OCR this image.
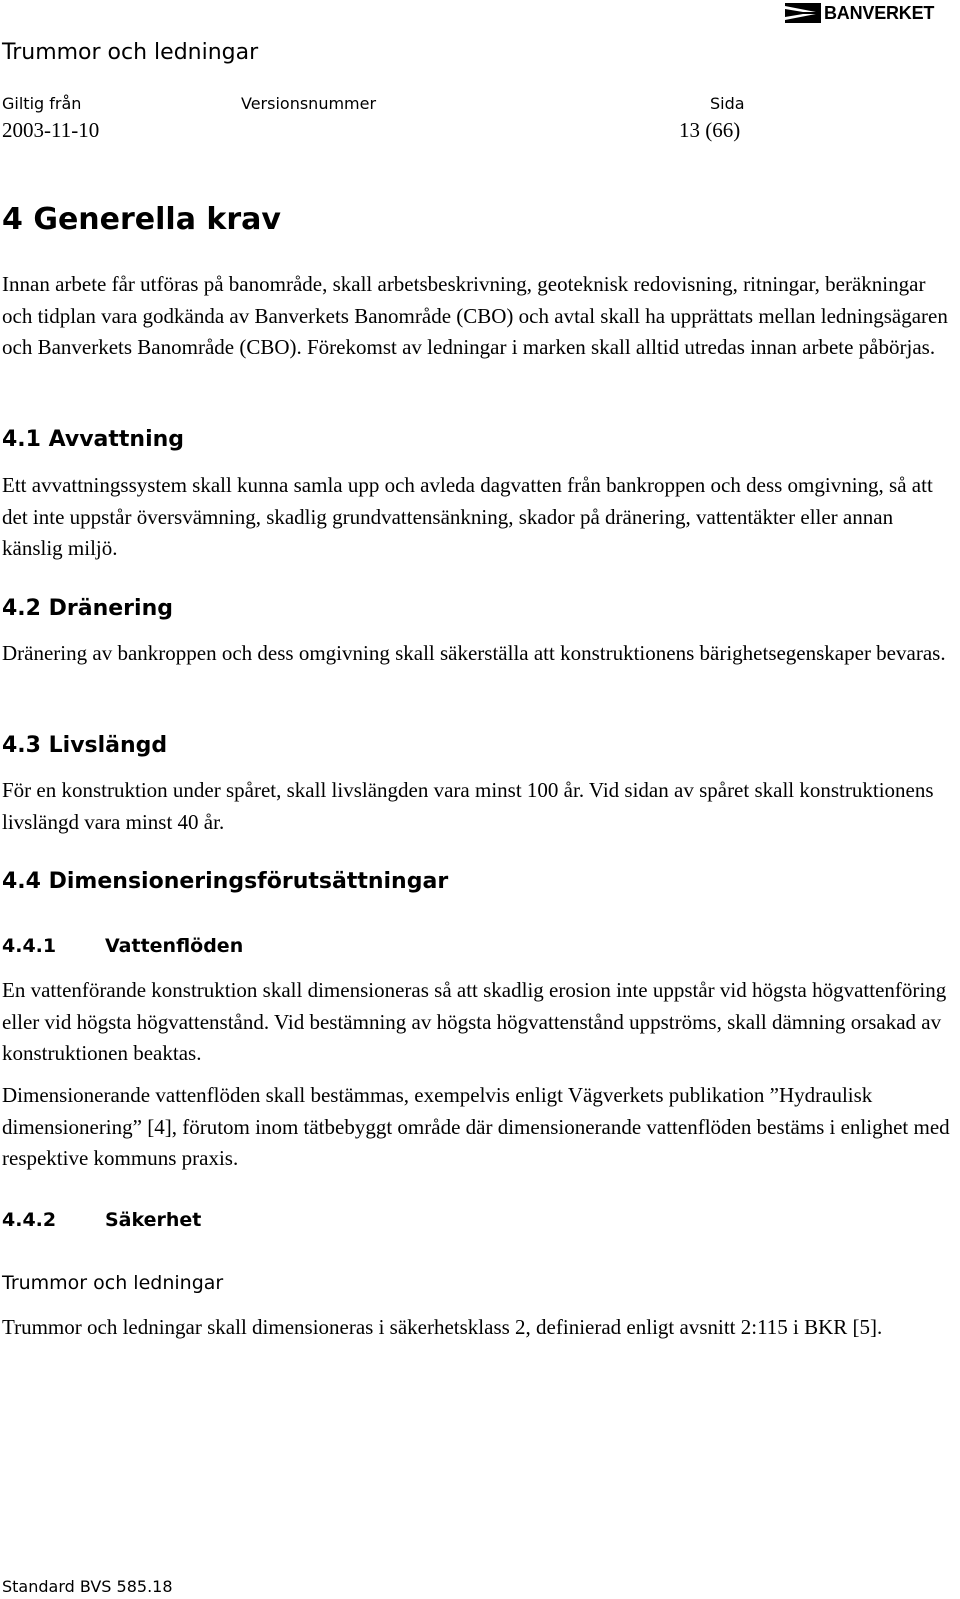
BANVERKET
Trummor och ledningar
Giltig från	Versionsnummer	Sida
2003-11-10	13 (66)
4 Generella krav
Innan arbete får utföras på banområde, skall arbetsbeskrivning, geoteknisk redovisning, ritningar, beräkningar och tidplan vara godkända av Banverkets Banområde (CBO) och avtal skall ha upprättats mellan ledningsägaren och Banverkets Banområde (CBO). Förekomst av ledningar i marken skall alltid utredas innan arbete påbörjas.
4.1 Avvattning
Ett avvattningssystem skall kunna samla upp och avleda dagvatten från bankroppen och dess omgivning, så att det inte uppstår översvämning, skadlig grundvattensänkning, skador på dränering, vattentäkter eller annan känslig miljö.
4.2 Dränering
Dränering av bankroppen och dess omgivning skall säkerställa att konstruktionens bärighetsegenskaper bevaras.
4.3 Livslängd
För en konstruktion under spåret, skall livslängden vara minst 100 år. Vid sidan av spåret skall konstruktionens livslängd vara minst 40 år.
4.4 Dimensioneringsförutsättningar
4.4.1	Vattenflöden
En vattenförande konstruktion skall dimensioneras så att skadlig erosion inte uppstår vid högsta högvattenföring eller vid högsta högvattenstånd. Vid bestämning av högsta högvattenstånd uppströms, skall dämning orsakad av konstruktionen beaktas.
Dimensionerande vattenflöden skall bestämmas, exempelvis enligt Vägverkets publikation ”Hydraulisk dimensionering” [4], förutom inom tätbebyggt område där dimensionerande vattenflöden bestäms i enlighet med respektive kommuns praxis.
4.4.2	Säkerhet
Trummor och ledningar
Trummor och ledningar skall dimensioneras i säkerhetsklass 2, definierad enligt avsnitt 2:115 i BKR [5].
Standard BVS 585.18
